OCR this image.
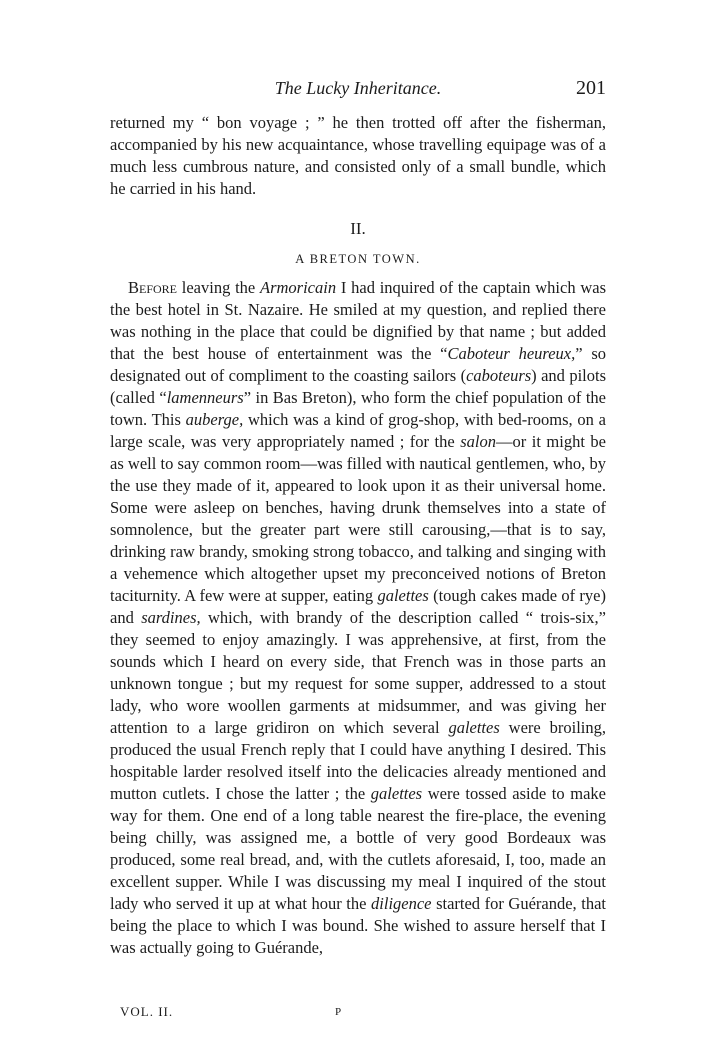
The Lucky Inheritance.	201

returned my “ bon voyage ; ” he then trotted off after the fisherman, accompanied by his new acquaintance, whose travelling equipage was of a much less cumbrous nature, and consisted only of a small bundle, which he carried in his hand.

II.
A BRETON TOWN.

Before leaving the Armoricain I had inquired of the captain which was the best hotel in St. Nazaire. He smiled at my question, and replied there was nothing in the place that could be dignified by that name ; but added that the best house of entertainment was the “Caboteur heureux,” so designated out of compliment to the coasting sailors (caboteurs) and pilots (called “lamenneurs” in Bas Breton), who form the chief population of the town. This auberge, which was a kind of grog-shop, with bed-rooms, on a large scale, was very appropriately named ; for the salon—or it might be as well to say common room—was filled with nautical gentlemen, who, by the use they made of it, appeared to look upon it as their universal home. Some were asleep on benches, having drunk themselves into a state of somnolence, but the greater part were still carousing,—that is to say, drinking raw brandy, smoking strong tobacco, and talking and singing with a vehemence which altogether upset my preconceived notions of Breton taciturnity. A few were at supper, eating galettes (tough cakes made of rye) and sardines, which, with brandy of the description called “ trois-six,” they seemed to enjoy amazingly. I was apprehensive, at first, from the sounds which I heard on every side, that French was in those parts an unknown tongue ; but my request for some supper, addressed to a stout lady, who wore woollen garments at midsummer, and was giving her attention to a large gridiron on which several galettes were broiling, produced the usual French reply that I could have anything I desired. This hospitable larder resolved itself into the delicacies already mentioned and mutton cutlets. I chose the latter ; the galettes were tossed aside to make way for them. One end of a long table nearest the fire-place, the evening being chilly, was assigned me, a bottle of very good Bordeaux was produced, some real bread, and, with the cutlets aforesaid, I, too, made an excellent supper. While I was discussing my meal I inquired of the stout lady who served it up at what hour the diligence started for Guérande, that being the place to which I was bound. She wished to assure herself that I was actually going to Guérande,

VOL. II.	P
